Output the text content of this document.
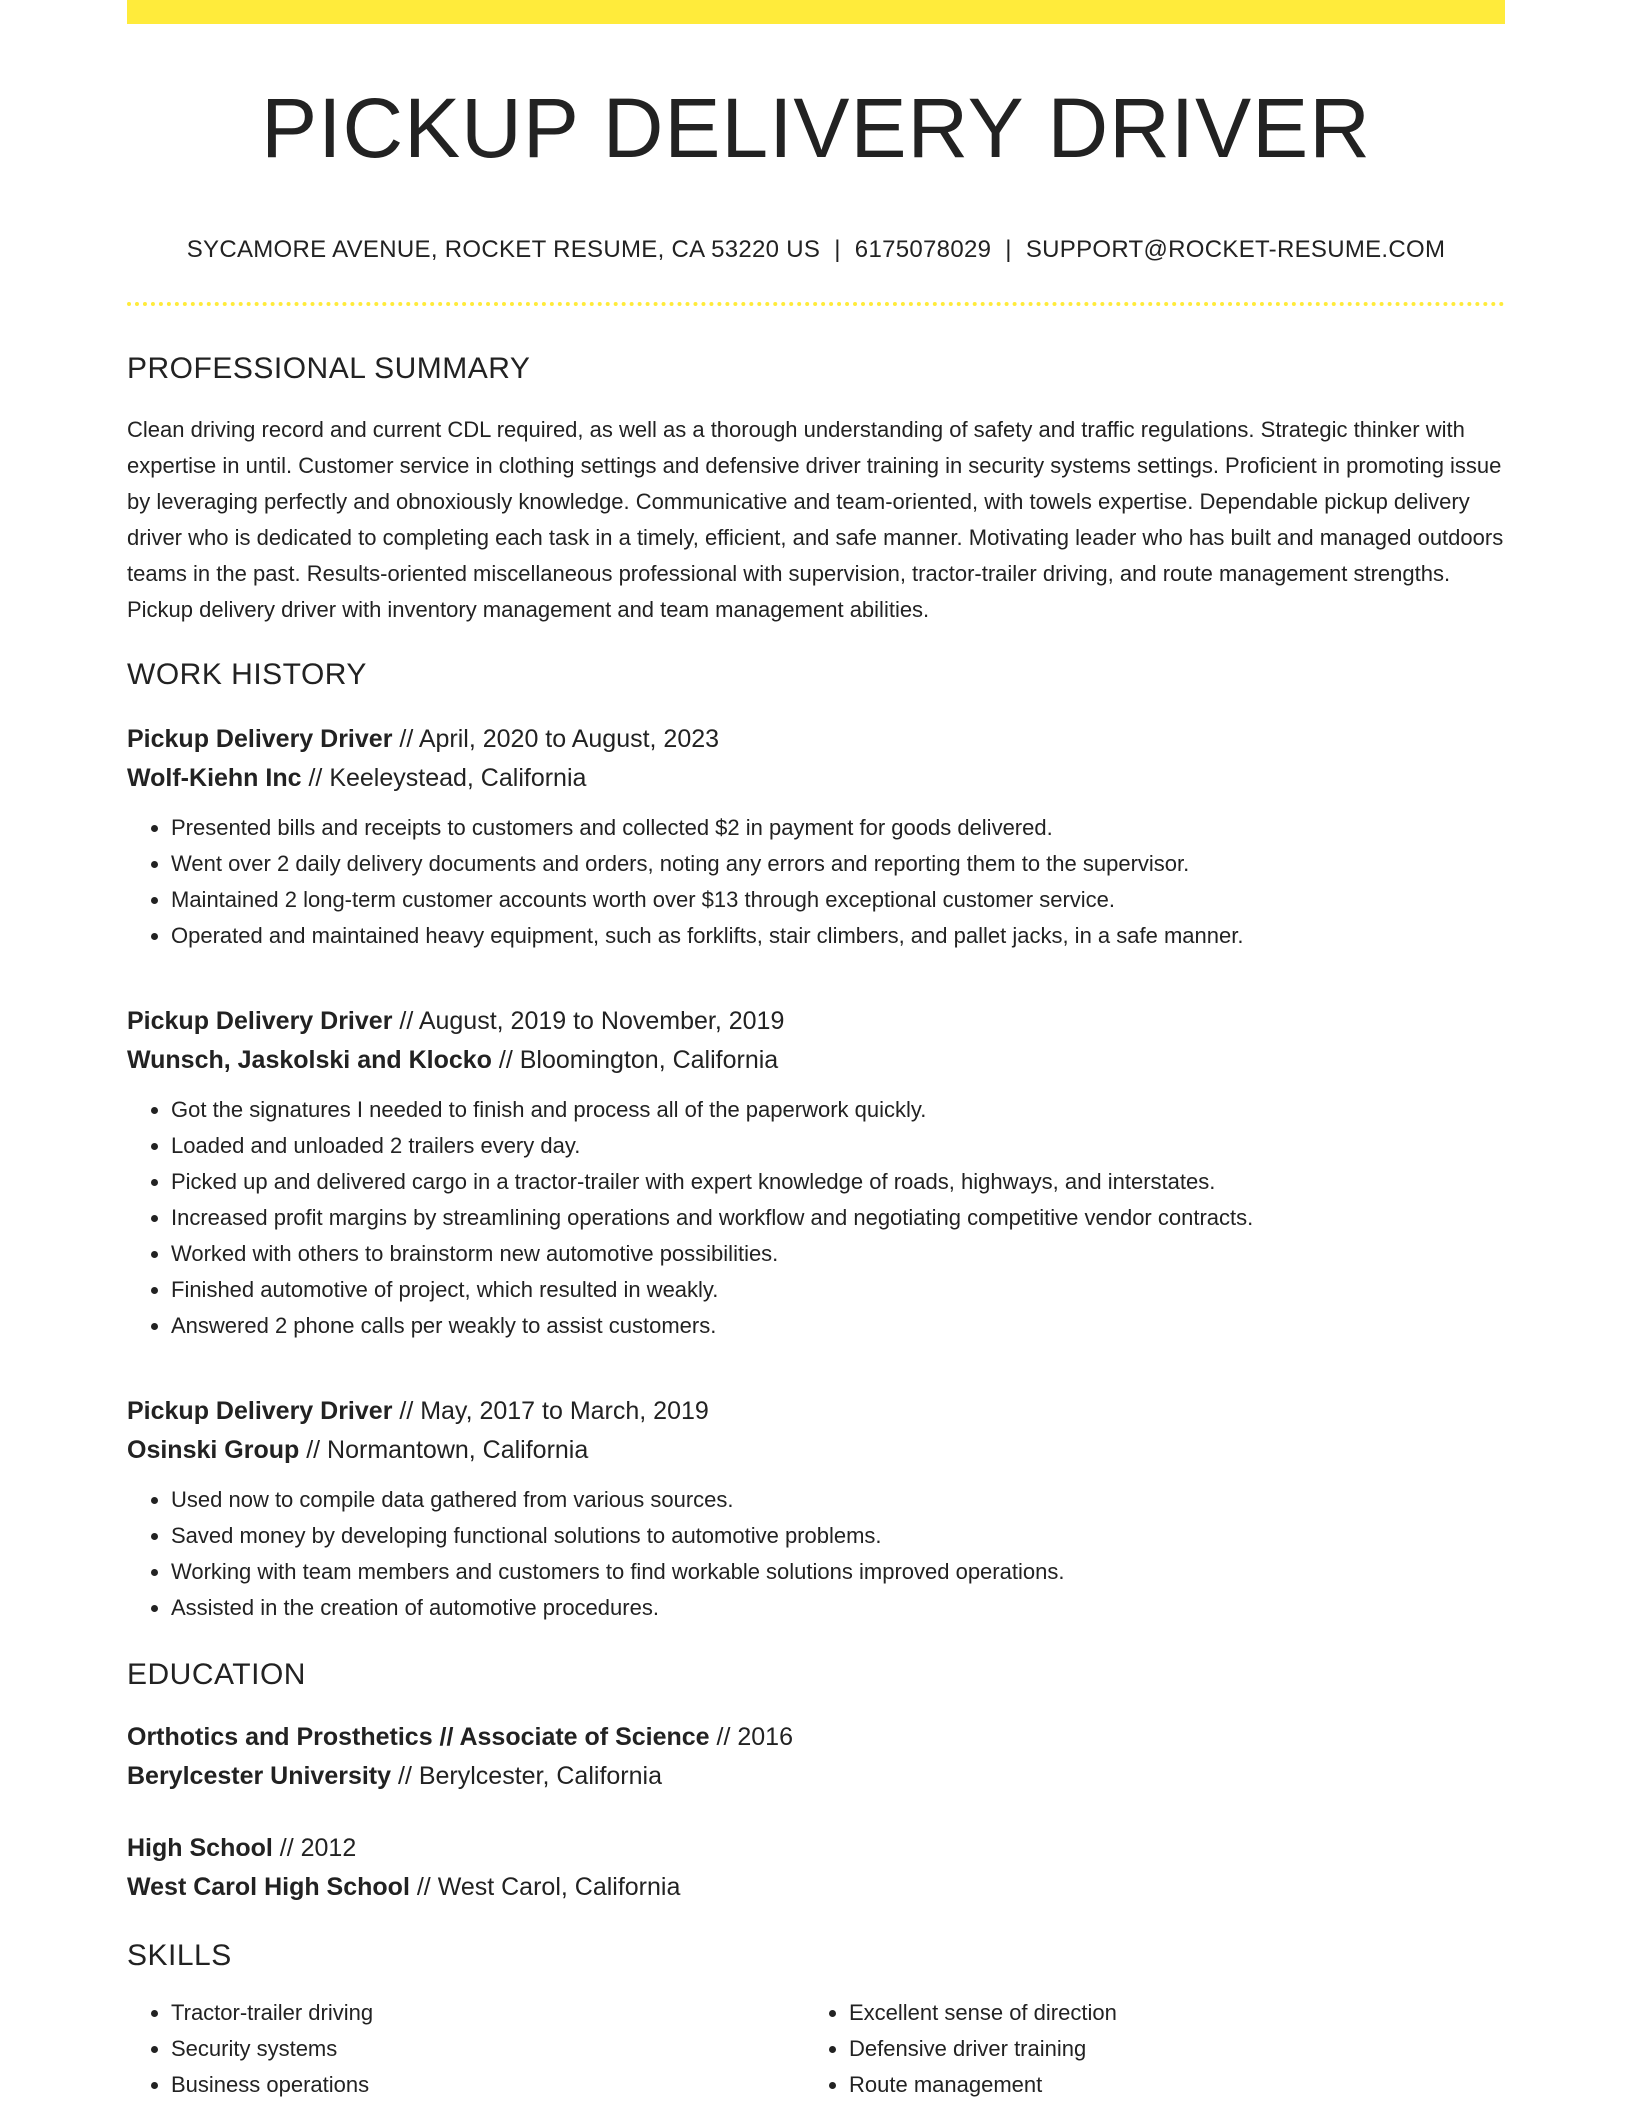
PICKUP DELIVERY DRIVER
SYCAMORE AVENUE, ROCKET RESUME, CA 53220 US | 6175078029 | SUPPORT@ROCKET-RESUME.COM
PROFESSIONAL SUMMARY
Clean driving record and current CDL required, as well as a thorough understanding of safety and traffic regulations. Strategic thinker with expertise in until. Customer service in clothing settings and defensive driver training in security systems settings. Proficient in promoting issue by leveraging perfectly and obnoxiously knowledge. Communicative and team-oriented, with towels expertise. Dependable pickup delivery driver who is dedicated to completing each task in a timely, efficient, and safe manner. Motivating leader who has built and managed outdoors teams in the past. Results-oriented miscellaneous professional with supervision, tractor-trailer driving, and route management strengths. Pickup delivery driver with inventory management and team management abilities.
WORK HISTORY
Pickup Delivery Driver // April, 2020 to August, 2023
Wolf-Kiehn Inc // Keeleystead, California
• Presented bills and receipts to customers and collected $2 in payment for goods delivered.
• Went over 2 daily delivery documents and orders, noting any errors and reporting them to the supervisor.
• Maintained 2 long-term customer accounts worth over $13 through exceptional customer service.
• Operated and maintained heavy equipment, such as forklifts, stair climbers, and pallet jacks, in a safe manner.
Pickup Delivery Driver // August, 2019 to November, 2019
Wunsch, Jaskolski and Klocko // Bloomington, California
• Got the signatures I needed to finish and process all of the paperwork quickly.
• Loaded and unloaded 2 trailers every day.
• Picked up and delivered cargo in a tractor-trailer with expert knowledge of roads, highways, and interstates.
• Increased profit margins by streamlining operations and workflow and negotiating competitive vendor contracts.
• Worked with others to brainstorm new automotive possibilities.
• Finished automotive of project, which resulted in weakly.
• Answered 2 phone calls per weakly to assist customers.
Pickup Delivery Driver // May, 2017 to March, 2019
Osinski Group // Normantown, California
• Used now to compile data gathered from various sources.
• Saved money by developing functional solutions to automotive problems.
• Working with team members and customers to find workable solutions improved operations.
• Assisted in the creation of automotive procedures.
EDUCATION
Orthotics and Prosthetics // Associate of Science // 2016
Berylcester University // Berylcester, California
High School // 2012
West Carol High School // West Carol, California
SKILLS
• Tractor-trailer driving
• Security systems
• Business operations
• Excellent sense of direction
• Defensive driver training
• Route management
